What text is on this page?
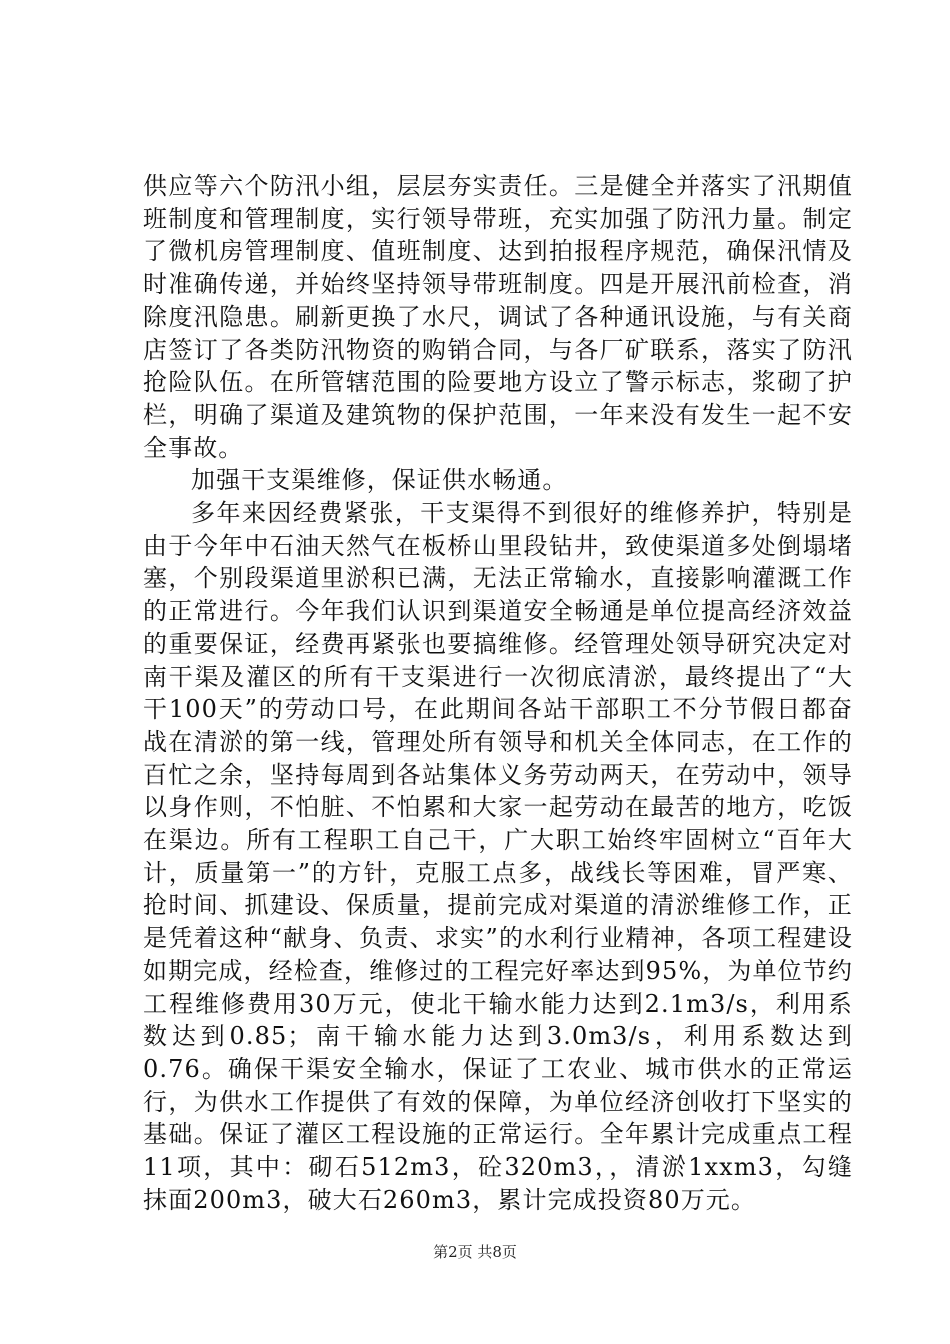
供应等六个防汛小组，层层夯实责任。三是健全并落实了汛期值班制度和管理制度，实行领导带班，充实加强了防汛力量。制定了微机房管理制度、值班制度、达到拍报程序规范，确保汛情及时准确传递，并始终坚持领导带班制度。四是开展汛前检查，消除度汛隐患。刷新更换了水尺，调试了各种通讯设施，与有关商店签订了各类防汛物资的购销合同，与各厂矿联系，落实了防汛抢险队伍。在所管辖范围的险要地方设立了警示标志，浆砌了护栏，明确了渠道及建筑物的保护范围，一年来没有发生一起不安全事故。

加强干支渠维修，保证供水畅通。

多年来因经费紧张，干支渠得不到很好的维修养护，特别是由于今年中石油天然气在板桥山里段钻井，致使渠道多处倒塌堵塞，个别段渠道里淤积已满，无法正常输水，直接影响灌溉工作的正常进行。今年我们认识到渠道安全畅通是单位提高经济效益的重要保证，经费再紧张也要搞维修。经管理处领导研究决定对南干渠及灌区的所有干支渠进行一次彻底清淤，最终提出了“大干100天”的劳动口号，在此期间各站干部职工不分节假日都奋战在清淤的第一线，管理处所有领导和机关全体同志，在工作的百忙之余，坚持每周到各站集体义务劳动两天，在劳动中，领导以身作则，不怕脏、不怕累和大家一起劳动在最苦的地方，吃饭在渠边。所有工程职工自己干，广大职工始终牢固树立“百年大计，质量第一”的方针，克服工点多，战线长等困难，冒严寒、抢时间、抓建设、保质量，提前完成对渠道的清淤维修工作，正是凭着这种“献身、负责、求实”的水利行业精神，各项工程建设如期完成，经检查，维修过的工程完好率达到95%，为单位节约工程维修费用30万元，使北干输水能力达到2.1m3/s，利用系数达到0.85；南干输水能力达到3.0m3/s，利用系数达到0.76。确保干渠安全输水，保证了工农业、城市供水的正常运行，为供水工作提供了有效的保障，为单位经济创收打下坚实的基础。保证了灌区工程设施的正常运行。全年累计完成重点工程11项，其中：砌石512m3，砼320m3，，清淤1xxm3，勾缝抹面200m3，破大石260m3，累计完成投资80万元。

第2页 共8页
